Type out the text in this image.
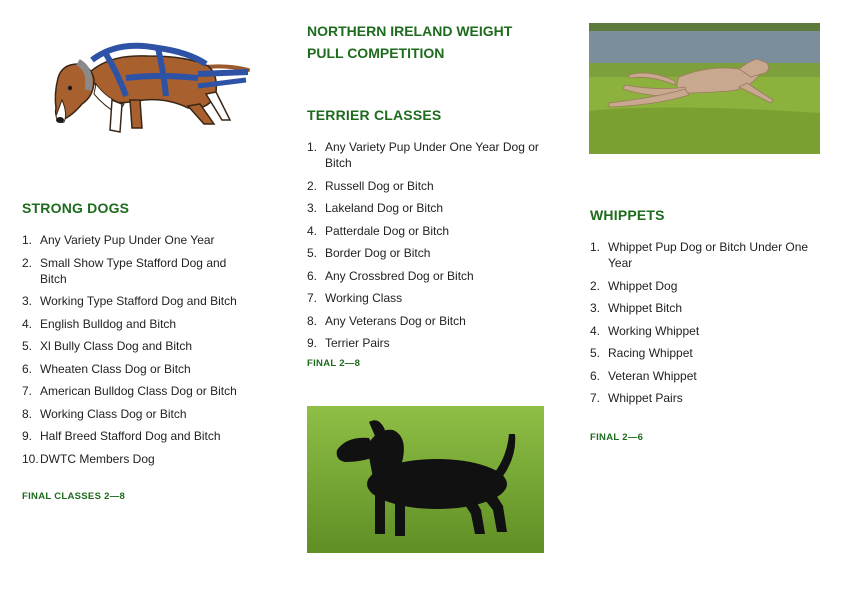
STRONG DOGS
1. Any Variety Pup Under One Year
2. Small Show Type Stafford Dog and Bitch
3. Working Type Stafford Dog and Bitch
4. English Bulldog and Bitch
5. Xl Bully Class Dog and Bitch
6. Wheaten Class Dog or Bitch
7. American Bulldog Class Dog or Bitch
8. Working Class Dog or Bitch
9. Half Breed Stafford Dog and Bitch
10. DWTC Members Dog

FINAL CLASSES 2—8

NORTHERN IRELAND WEIGHT
PULL COMPETITION
TERRIER CLASSES
1. Any Variety Pup Under One Year Dog or Bitch
2. Russell Dog or Bitch
3. Lakeland Dog or Bitch
4. Patterdale Dog or Bitch
5. Border Dog or Bitch
6. Any Crossbred Dog or Bitch
7. Working Class
8. Any Veterans Dog or Bitch
9. Terrier Pairs

FINAL 2—8

WHIPPETS
1. Whippet Pup Dog or Bitch Under One Year
2. Whippet Dog
3. Whippet Bitch
4. Working Whippet
5. Racing Whippet
6. Veteran Whippet
7. Whippet Pairs

FINAL 2—6
